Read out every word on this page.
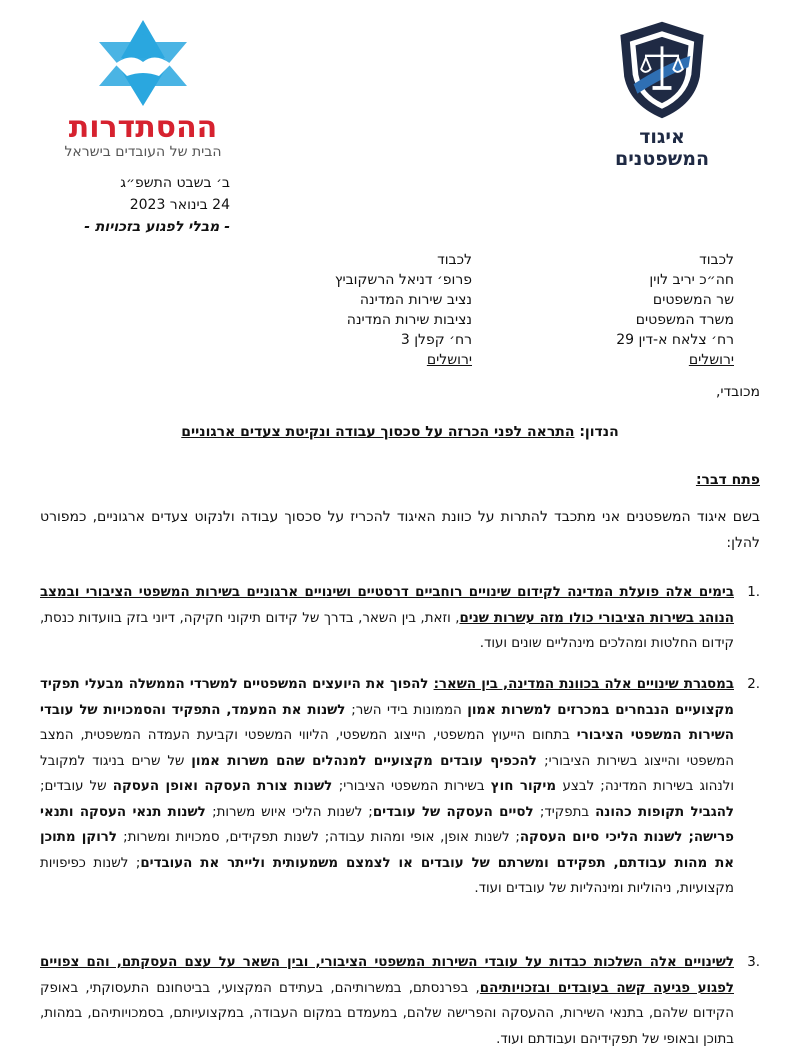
איגוד המשפטנים
ההסתדרות
הבית של העובדים בישראל
ב׳ בשבט התשפ״ג
24 בינואר 2023
- מבלי לפגוע בזכויות -
לכבוד
חה״כ יריב לוין
שר המשפטים
משרד המשפטים
רח׳ צלאח א-דין 29
ירושלים
לכבוד
פרופ׳ דניאל הרשקוביץ
נציב שירות המדינה
נציבות שירות המדינה
רח׳ קפלן 3
ירושלים
מכובדי,
הנדון: התראה לפני הכרזה על סכסוך עבודה ונקיטת צעדים ארגוניים
פתח דבר:
בשם איגוד המשפטנים אני מתכבד להתרות על כוונת האיגוד להכריז על סכסוך עבודה ולנקוט צעדים ארגוניים, כמפורט להלן:
.1
בימים אלה פועלת המדינה לקידום שינויים רוחביים דרסטיים ושינויים ארגוניים בשירות המשפטי הציבורי ובמצב הנוהג בשירות הציבורי כולו מזה עשרות שנים, וזאת, בין השאר, בדרך של קידום תיקוני חקיקה, דיוני בזק בוועדות כנסת, קידום החלטות ומהלכים מינהליים שונים ועוד.
.2
במסגרת שינויים אלה בכוונת המדינה, בין השאר: להפוך את היועצים המשפטיים למשרדי הממשלה מבעלי תפקיד מקצועיים הנבחרים במכרזים למשרות אמון הממונות בידי השר; לשנות את המעמד, התפקיד והסמכויות של עובדי השירות המשפטי הציבורי בתחום הייעוץ המשפטי, הייצוג המשפטי, הליווי המשפטי וקביעת העמדה המשפטית, המצב המשפטי והייצוג בשירות הציבורי; להכפיף עובדים מקצועיים למנהלים שהם משרות אמון של שרים בניגוד למקובל ולנהוג בשירות המדינה; לבצע מיקור חוץ בשירות המשפטי הציבורי; לשנות צורת העסקה ואופן העסקה של עובדים; להגביל תקופות כהונה בתפקיד; לסיים העסקה של עובדים; לשנות הליכי איוש משרות; לשנות תנאי העסקה ותנאי פרישה; לשנות הליכי סיום העסקה; לשנות אופן, אופי ומהות עבודה; לשנות תפקידים, סמכויות ומשרות; לרוקן מתוכן את מהות עבודתם, תפקידם ומשרתם של עובדים או לצמצם משמעותית ולייתר את העובדים; לשנות כפיפויות מקצועיות, ניהוליות ומינהליות של עובדים ועוד.
.3
לשינויים אלה השלכות כבדות על עובדי השירות המשפטי הציבורי, ובין השאר על עצם העסקתם, והם צפויים לפגוע פגיעה קשה בעובדים ובזכויותיהם, בפרנסתם, במשרותיהם, בעתידם המקצועי, בביטחונם התעסוקתי, באופק הקידום שלהם, בתנאי השירות, ההעסקה והפרישה שלהם, במעמדם במקום העבודה, במקצועיותם, בסמכויותיהם, במהות, בתוכן ובאופי של תפקידיהם ועבודתם ועוד.
